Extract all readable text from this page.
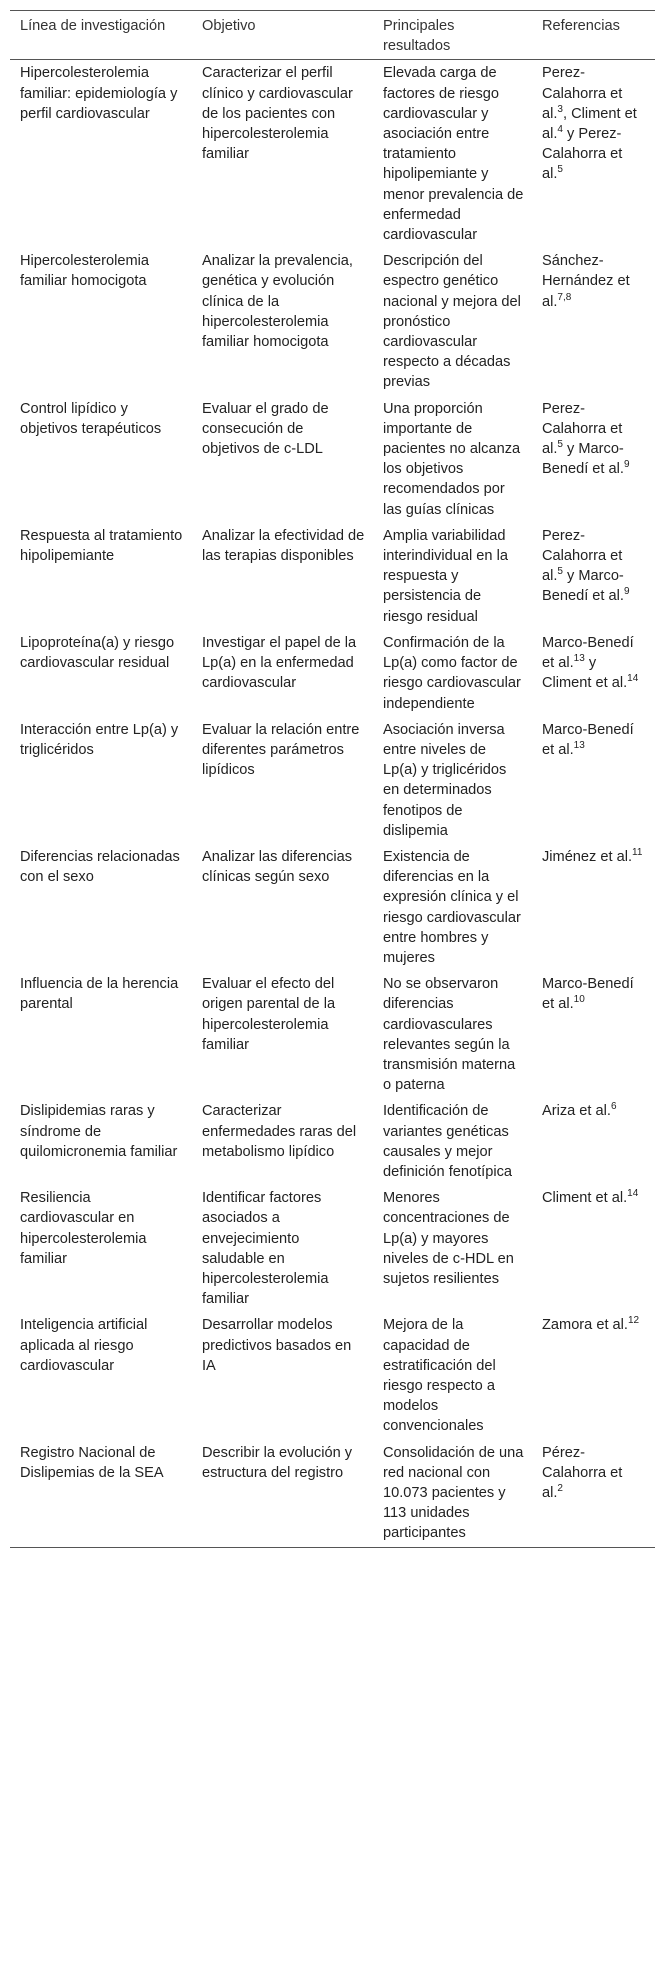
Línea de investigación	Objetivo	Principales resultados	Referencias
Hipercolesterolemia familiar: epidemiología y perfil cardiovascular	Caracterizar el perfil clínico y cardiovascular de los pacientes con hipercolesterolemia familiar	Elevada carga de factores de riesgo cardiovascular y asociación entre tratamiento hipolipemiante y menor prevalencia de enfermedad cardiovascular	Perez-Calahorra et al.$^3$, Climent et al.$^4$ y Perez-Calahorra et al.$^5$
Hipercolesterolemia familiar homocigota	Analizar la prevalencia, genética y evolución clínica de la hipercolesterolemia familiar homocigota	Descripción del espectro genético nacional y mejora del pronóstico cardiovascular respecto a décadas previas	Sánchez-Hernández et al.$^{7,8}$
Control lipídico y objetivos terapéuticos	Evaluar el grado de consecución de objetivos de c-LDL	Una proporción importante de pacientes no alcanza los objetivos recomendados por las guías clínicas	Perez-Calahorra et al.$^5$ y Marco-Benedí et al.$^9$
Respuesta al tratamiento hipolipemiante	Analizar la efectividad de las terapias disponibles	Amplia variabilidad interindividual en la respuesta y persistencia de riesgo residual	Perez-Calahorra et al.$^5$ y Marco-Benedí et al.$^9$
Lipoproteína(a) y riesgo cardiovascular residual	Investigar el papel de la Lp(a) en la enfermedad cardiovascular	Confirmación de la Lp(a) como factor de riesgo cardiovascular independiente	Marco-Benedí et al.$^{13}$ y Climent et al.$^{14}$
Interacción entre Lp(a) y triglicéridos	Evaluar la relación entre diferentes parámetros lipídicos	Asociación inversa entre niveles de Lp(a) y triglicéridos en determinados fenotipos de dislipemia	Marco-Benedí et al.$^{13}$
Diferencias relacionadas con el sexo	Analizar las diferencias clínicas según sexo	Existencia de diferencias en la expresión clínica y el riesgo cardiovascular entre hombres y mujeres	Jiménez et al.$^{11}$
Influencia de la herencia parental	Evaluar el efecto del origen parental de la hipercolesterolemia familiar	No se observaron diferencias cardiovasculares relevantes según la transmisión materna o paterna	Marco-Benedí et al.$^{10}$
Dislipidemias raras y síndrome de quilomicronemia familiar	Caracterizar enfermedades raras del metabolismo lipídico	Identificación de variantes genéticas causales y mejor definición fenotípica	Ariza et al.$^6$
Resiliencia cardiovascular en hipercolesterolemia familiar	Identificar factores asociados a envejecimiento saludable en hipercolesterolemia familiar	Menores concentraciones de Lp(a) y mayores niveles de c-HDL en sujetos resilientes	Climent et al.$^{14}$
Inteligencia artificial aplicada al riesgo cardiovascular	Desarrollar modelos predictivos basados en IA	Mejora de la capacidad de estratificación del riesgo respecto a modelos convencionales	Zamora et al.$^{12}$
Registro Nacional de Dislipemias de la SEA	Describir la evolución y estructura del registro	Consolidación de una red nacional con 10.073 pacientes y 113 unidades participantes	Pérez-Calahorra et al.$^2$
